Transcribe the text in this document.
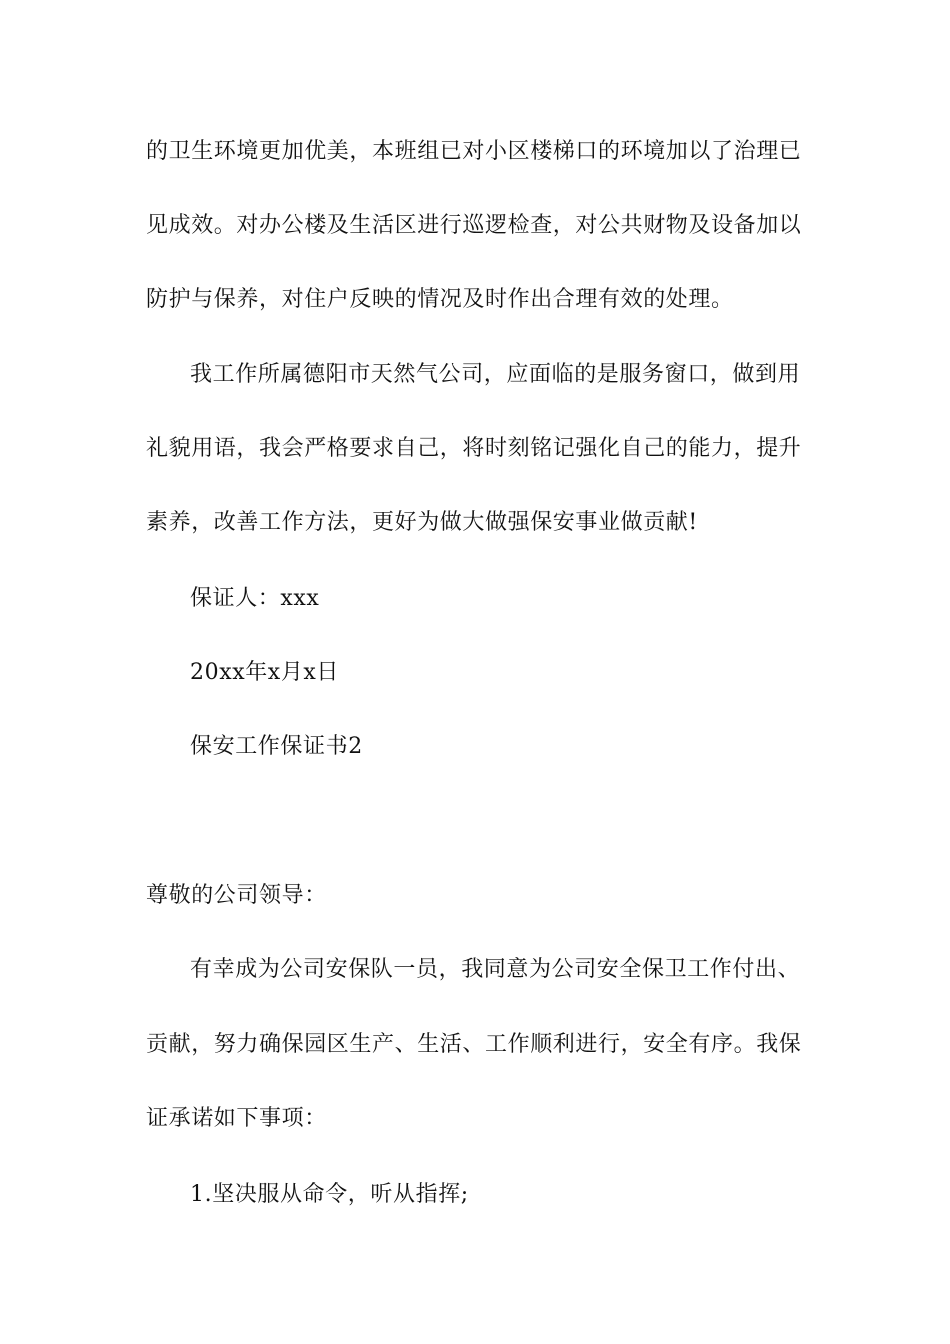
的卫生环境更加优美，本班组已对小区楼梯口的环境加以了治理已
见成效。对办公楼及生活区进行巡逻检查，对公共财物及设备加以
防护与保养，对住户反映的情况及时作出合理有效的处理。
我工作所属德阳市天然气公司，应面临的是服务窗口，做到用
礼貌用语，我会严格要求自己，将时刻铭记强化自己的能力，提升
素养，改善工作方法，更好为做大做强保安事业做贡献!
保证人：xxx
20xx年x月x日
保安工作保证书2
尊敬的公司领导：
有幸成为公司安保队一员，我同意为公司安全保卫工作付出、
贡献，努力确保园区生产、生活、工作顺利进行，安全有序。我保
证承诺如下事项：
1.坚决服从命令，听从指挥;
